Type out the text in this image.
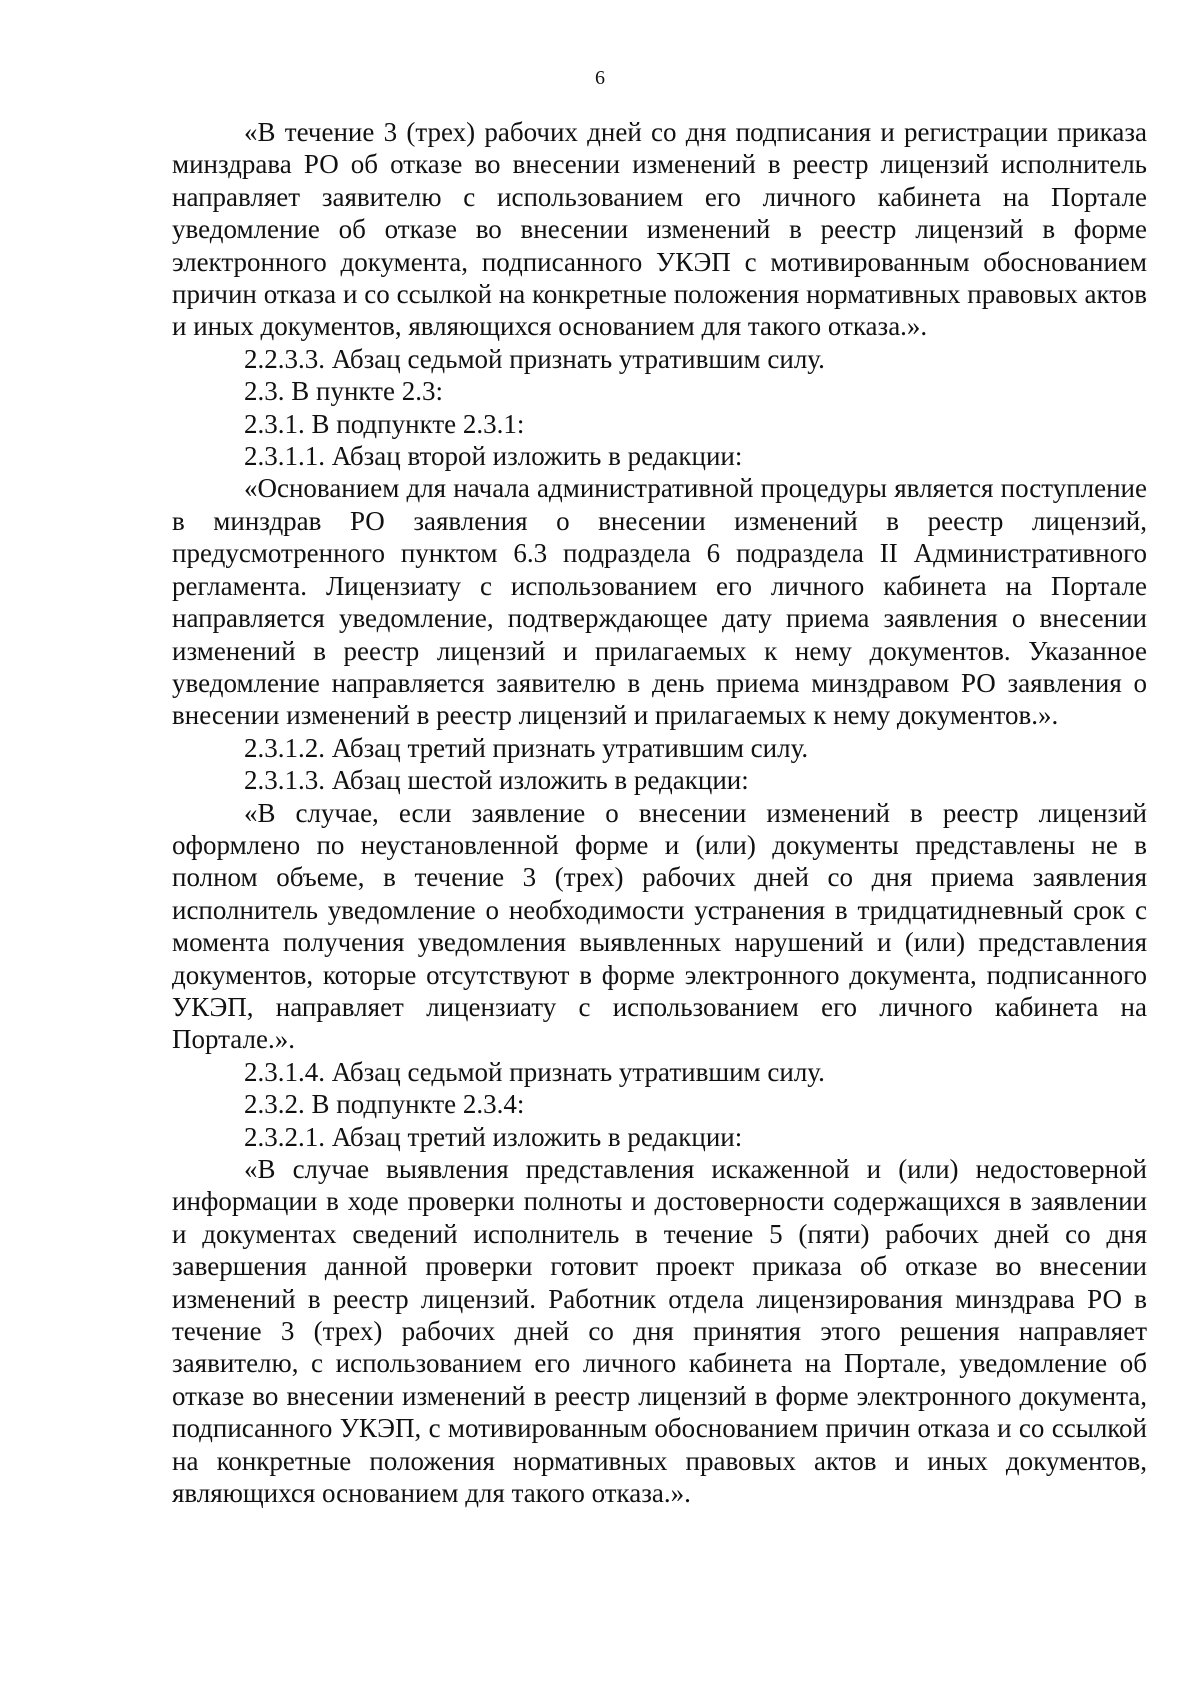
6

«В течение 3 (трех) рабочих дней со дня подписания и регистрации приказа минздрава РО об отказе во внесении изменений в реестр лицензий исполнитель направляет заявителю с использованием его личного кабинета на Портале уведомление об отказе во внесении изменений в реестр лицензий в форме электронного документа, подписанного УКЭП с мотивированным обоснованием причин отказа и со ссылкой на конкретные положения нормативных правовых актов и иных документов, являющихся основанием для такого отказа.».

2.2.3.3. Абзац седьмой признать утратившим силу.

2.3. В пункте 2.3:

2.3.1. В подпункте 2.3.1:

2.3.1.1. Абзац второй изложить в редакции:

«Основанием для начала административной процедуры является поступление в минздрав РО заявления о внесении изменений в реестр лицензий, предусмотренного пунктом 6.3 подраздела 6 подраздела II Административного регламента. Лицензиату с использованием его личного кабинета на Портале направляется уведомление, подтверждающее дату приема заявления о внесении изменений в реестр лицензий и прилагаемых к нему документов. Указанное уведомление направляется заявителю в день приема минздравом РО заявления о внесении изменений в реестр лицензий и прилагаемых к нему документов.».

2.3.1.2. Абзац третий признать утратившим силу.

2.3.1.3. Абзац шестой изложить в редакции:

«В случае, если заявление о внесении изменений в реестр лицензий оформлено по неустановленной форме и (или) документы представлены не в полном объеме, в течение 3 (трех) рабочих дней со дня приема заявления исполнитель уведомление о необходимости устранения в тридцатидневный срок с момента получения уведомления выявленных нарушений и (или) представления документов, которые отсутствуют в форме электронного документа, подписанного УКЭП, направляет лицензиату с использованием его личного кабинета на Портале.».

2.3.1.4. Абзац седьмой признать утратившим силу.

2.3.2. В подпункте 2.3.4:

2.3.2.1. Абзац третий изложить в редакции:

«В случае выявления представления искаженной и (или) недостоверной информации в ходе проверки полноты и достоверности содержащихся в заявлении и документах сведений исполнитель в течение 5 (пяти) рабочих дней со дня завершения данной проверки готовит проект приказа об отказе во внесении изменений в реестр лицензий. Работник отдела лицензирования минздрава РО в течение 3 (трех) рабочих дней со дня принятия этого решения направляет заявителю, с использованием его личного кабинета на Портале, уведомление об отказе во внесении изменений в реестр лицензий в форме электронного документа, подписанного УКЭП, с мотивированным обоснованием причин отказа и со ссылкой на конкретные положения нормативных правовых актов и иных документов, являющихся основанием для такого отказа.».
